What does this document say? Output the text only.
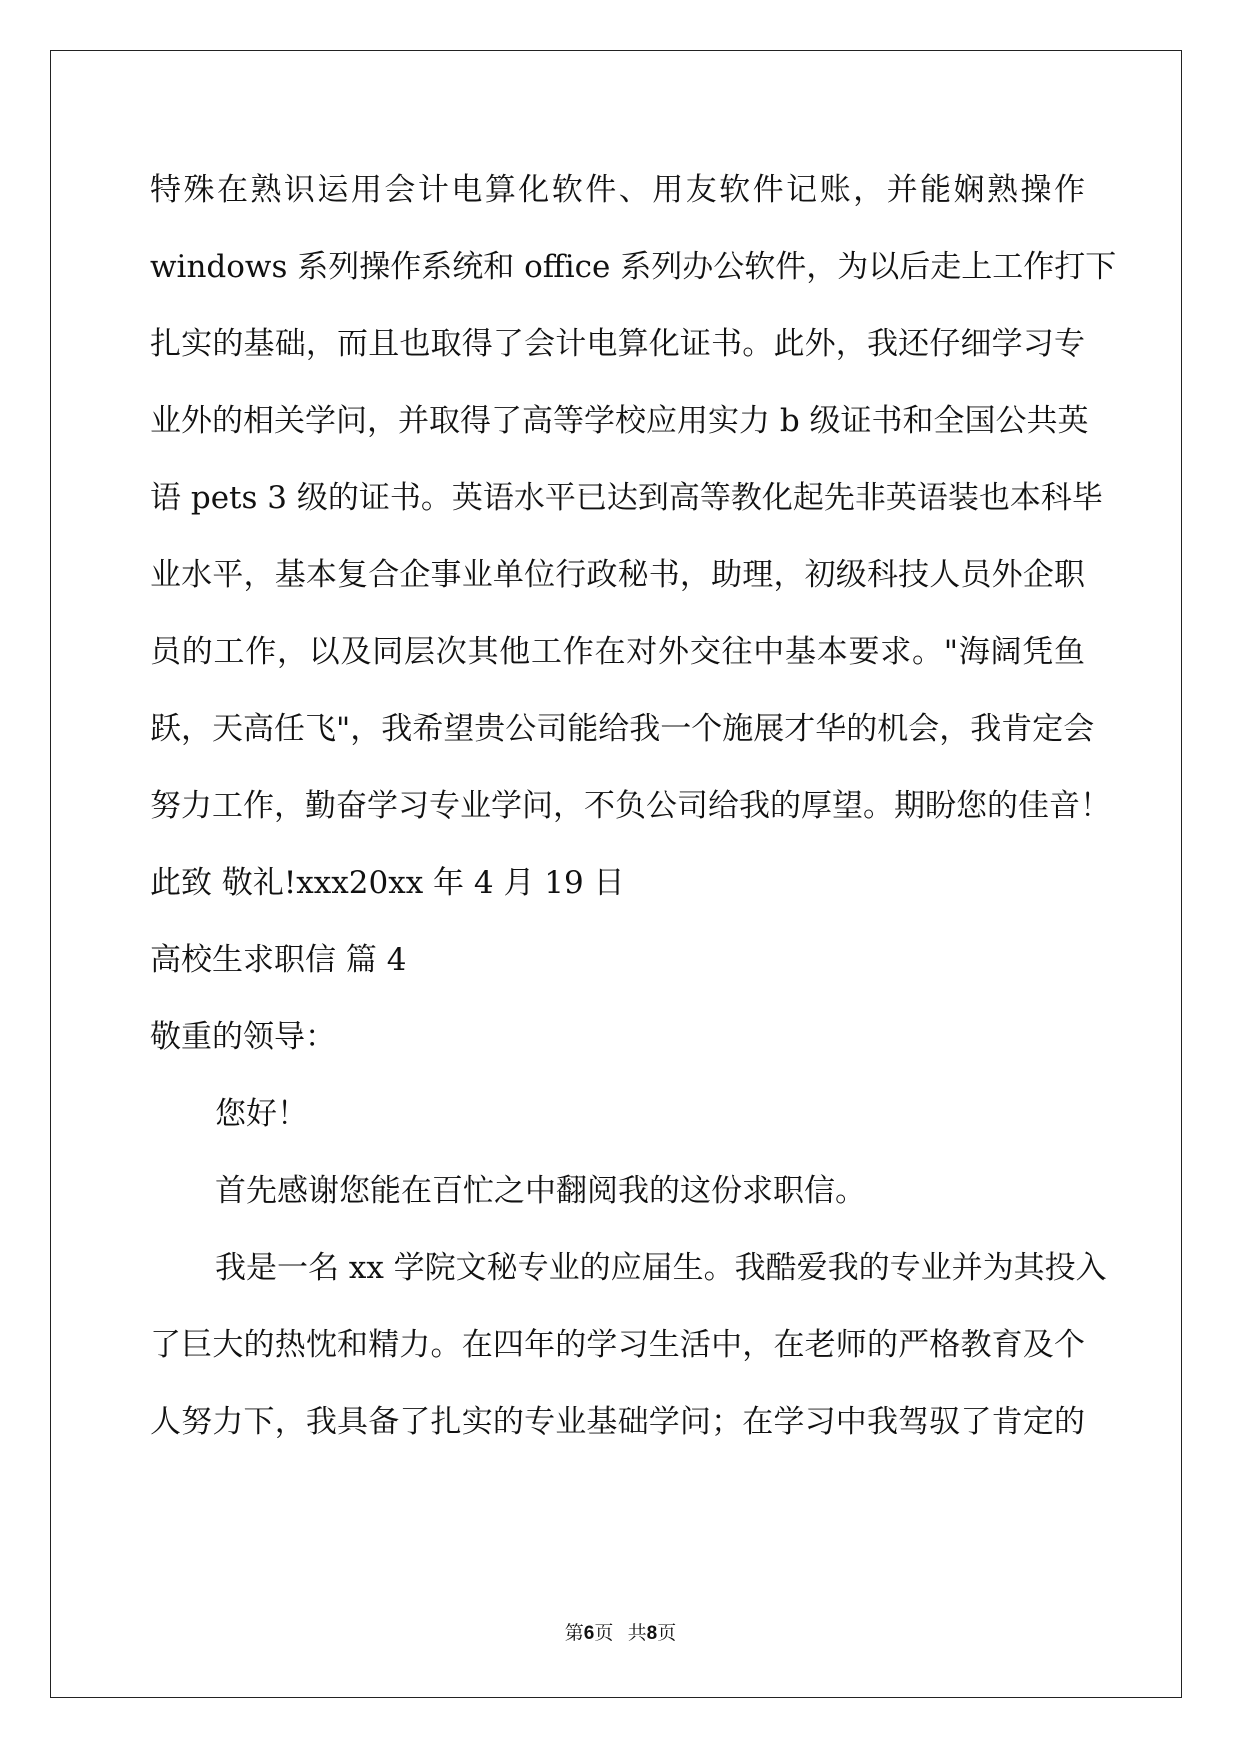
特殊在熟识运用会计电算化软件、用友软件记账，并能娴熟操作
windows 系列操作系统和 office 系列办公软件，为以后走上工作打下
扎实的基础，而且也取得了会计电算化证书。此外，我还仔细学习专
业外的相关学问，并取得了高等学校应用实力 b 级证书和全国公共英
语 pets 3 级的证书。英语水平已达到高等教化起先非英语装也本科毕
业水平，基本复合企事业单位行政秘书，助理，初级科技人员外企职
员的工作，以及同层次其他工作在对外交往中基本要求。"海阔凭鱼
跃，天高任飞"，我希望贵公司能给我一个施展才华的机会，我肯定会
努力工作，勤奋学习专业学问，不负公司给我的厚望。期盼您的佳音！
此致 敬礼!xxx20xx 年 4 月 19 日
高校生求职信 篇 4
敬重的领导：
您好！
首先感谢您能在百忙之中翻阅我的这份求职信。
我是一名 xx 学院文秘专业的应届生。我酷爱我的专业并为其投入
了巨大的热忱和精力。在四年的学习生活中，在老师的严格教育及个
人努力下，我具备了扎实的专业基础学问；在学习中我驾驭了肯定的
第6页   共8页
